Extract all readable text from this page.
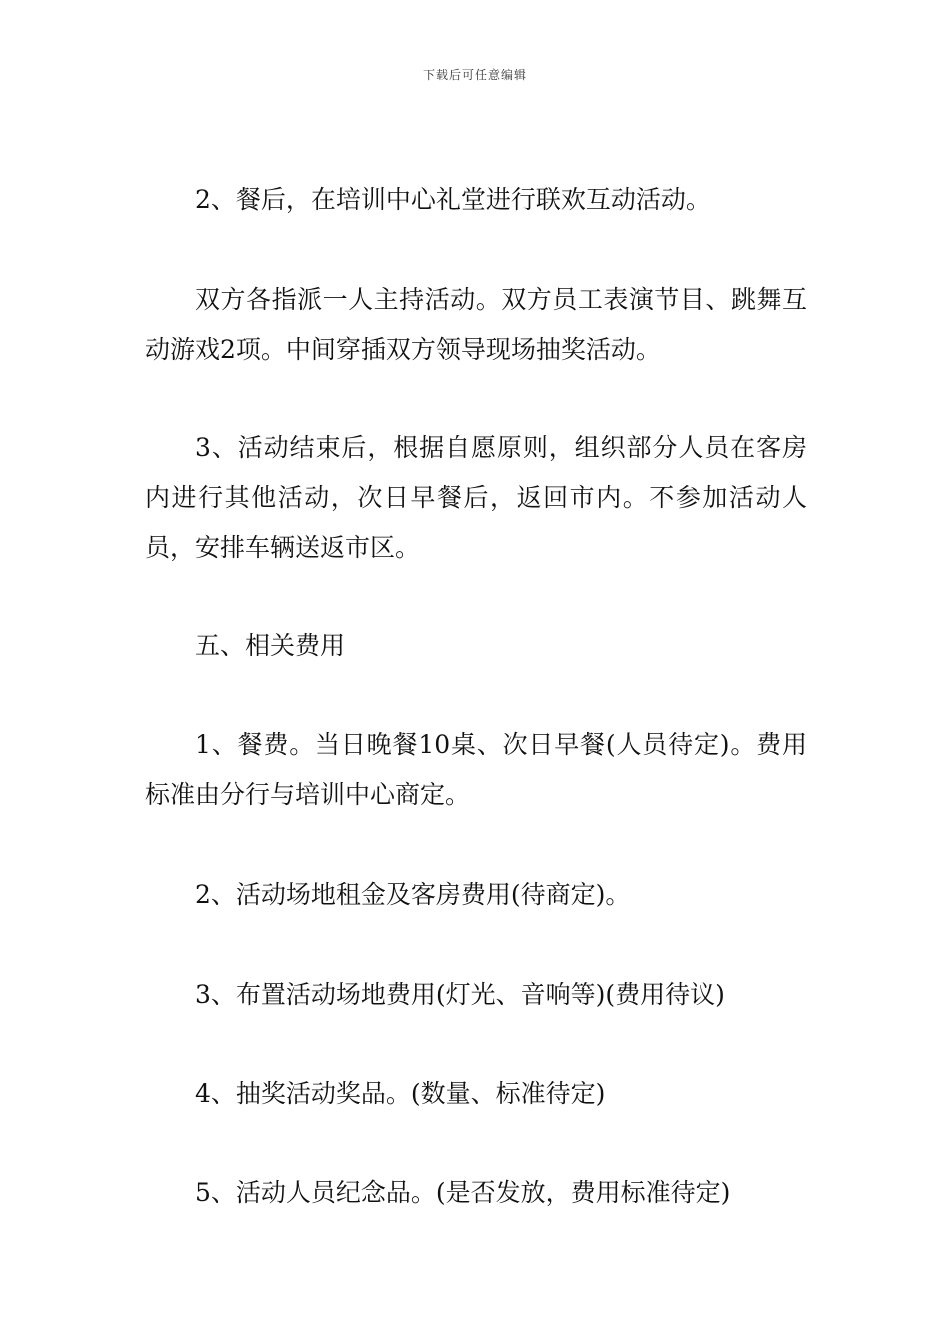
下载后可任意编辑

2、餐后，在培训中心礼堂进行联欢互动活动。

双方各指派一人主持活动。双方员工表演节目、跳舞互动游戏2项。中间穿插双方领导现场抽奖活动。

3、活动结束后，根据自愿原则，组织部分人员在客房内进行其他活动，次日早餐后，返回市内。不参加活动人员，安排车辆送返市区。

五、相关费用

1、餐费。当日晚餐10桌、次日早餐(人员待定)。费用标准由分行与培训中心商定。

2、活动场地租金及客房费用(待商定)。

3、布置活动场地费用(灯光、音响等)(费用待议)

4、抽奖活动奖品。(数量、标准待定)

5、活动人员纪念品。(是否发放，费用标准待定)
